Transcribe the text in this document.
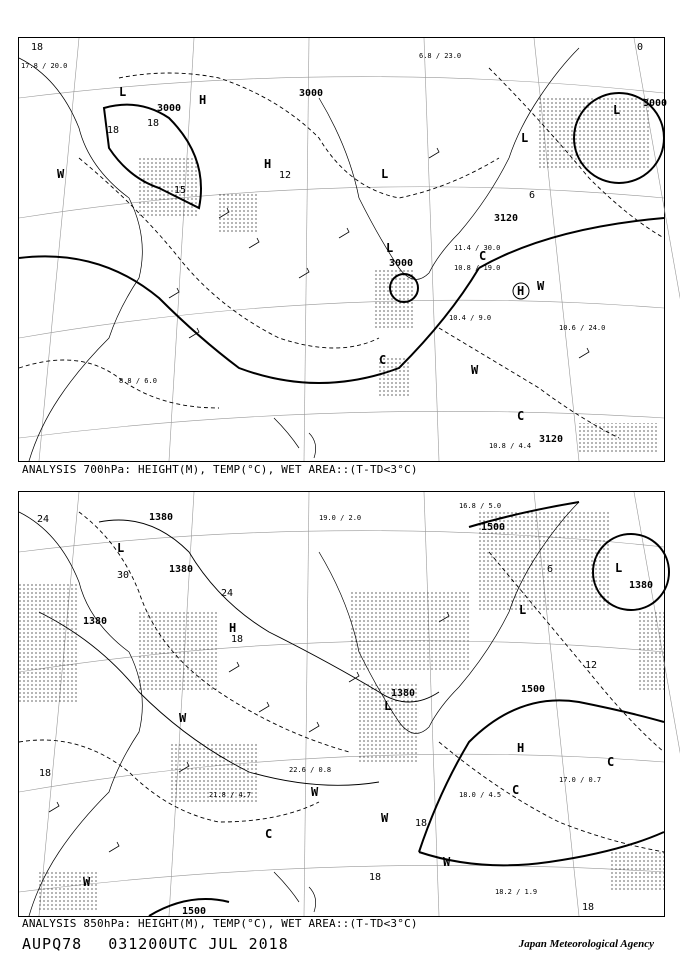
3000
3000
3000
3120
3120
3000
18
18
18
15
12
6
0
L
H
H
L
L
L
L
H
C
C
C
W
W
W
6.8 / 23.0
10.4 / 9.0
10.6 / 24.0
10.8 / 4.4
11.4 / 30.0
10.8 / 19.0
17.8 / 20.0
8.8 / 6.0
ANALYSIS 700hPa: HEIGHT(M), TEMP(°C), WET AREA::(T-TD<3°C)
1380
1380
1500
1500
1500
1380
1380
1380
24
30
24
18
18
12
18
18
18
6
L
L
L
H
H
L
C
C
C
W
W
W
W
W
18.0 / 4.5
17.0 / 0.7
18.2 / 1.9
16.8 / 5.0
19.0 / 2.0
21.8 / 4.7
22.6 / 0.8
ANALYSIS 850hPa: HEIGHT(M), TEMP(°C), WET AREA::(T-TD<3°C)
AUPQ78 031200UTC JUL 2018	Japan Meteorological Agency
